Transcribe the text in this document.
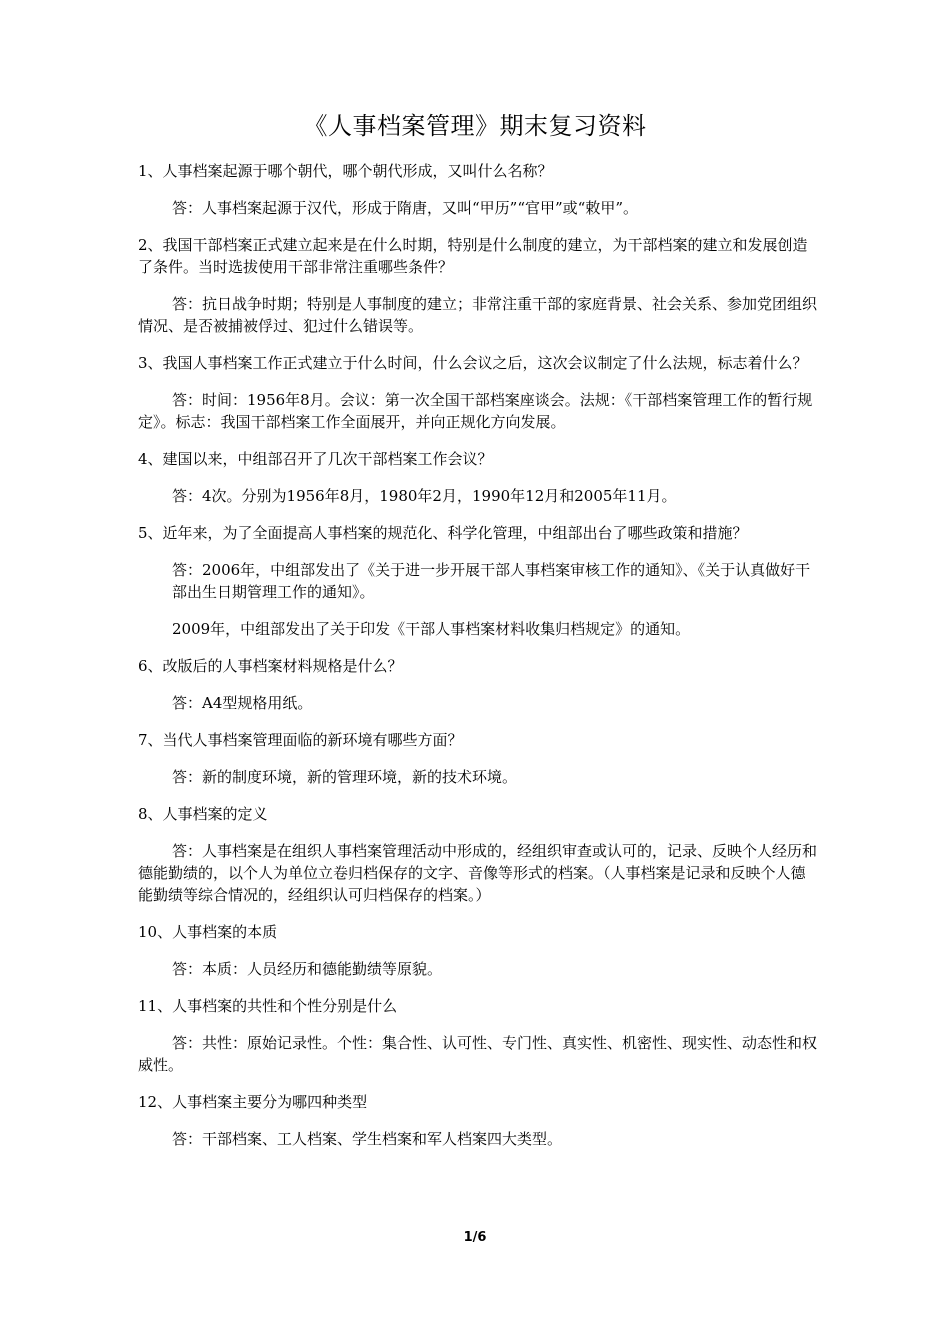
《人事档案管理》期末复习资料

1、人事档案起源于哪个朝代，哪个朝代形成，又叫什么名称？

答：人事档案起源于汉代，形成于隋唐，又叫“甲历”“官甲”或“敕甲”。

2、我国干部档案正式建立起来是在什么时期，特别是什么制度的建立，为干部档案的建立和发展创造了条件。当时选拔使用干部非常注重哪些条件？

答：抗日战争时期；特别是人事制度的建立；非常注重干部的家庭背景、社会关系、参加党团组织情况、是否被捕被俘过、犯过什么错误等。

3、我国人事档案工作正式建立于什么时间，什么会议之后，这次会议制定了什么法规，标志着什么？

答：时间：1956年8月。会议：第一次全国干部档案座谈会。法规：《干部档案管理工作的暂行规定》。标志：我国干部档案工作全面展开，并向正规化方向发展。

4、建国以来，中组部召开了几次干部档案工作会议？

答：4次。分别为1956年8月，1980年2月，1990年12月和2005年11月。

5、近年来，为了全面提高人事档案的规范化、科学化管理，中组部出台了哪些政策和措施？

答：2006年，中组部发出了《关于进一步开展干部人事档案审核工作的通知》、《关于认真做好干部出生日期管理工作的通知》。

2009年，中组部发出了关于印发《干部人事档案材料收集归档规定》的通知。

6、改版后的人事档案材料规格是什么？

答：A4型规格用纸。

7、当代人事档案管理面临的新环境有哪些方面？

答：新的制度环境，新的管理环境，新的技术环境。

8、人事档案的定义

答：人事档案是在组织人事档案管理活动中形成的，经组织审查或认可的，记录、反映个人经历和德能勤绩的，以个人为单位立卷归档保存的文字、音像等形式的档案。（人事档案是记录和反映个人德能勤绩等综合情况的，经组织认可归档保存的档案。）

10、人事档案的本质

答：本质：人员经历和德能勤绩等原貌。

11、人事档案的共性和个性分别是什么

答：共性：原始记录性。个性：集合性、认可性、专门性、真实性、机密性、现实性、动态性和权威性。

12、人事档案主要分为哪四种类型

答：干部档案、工人档案、学生档案和军人档案四大类型。

1/6
